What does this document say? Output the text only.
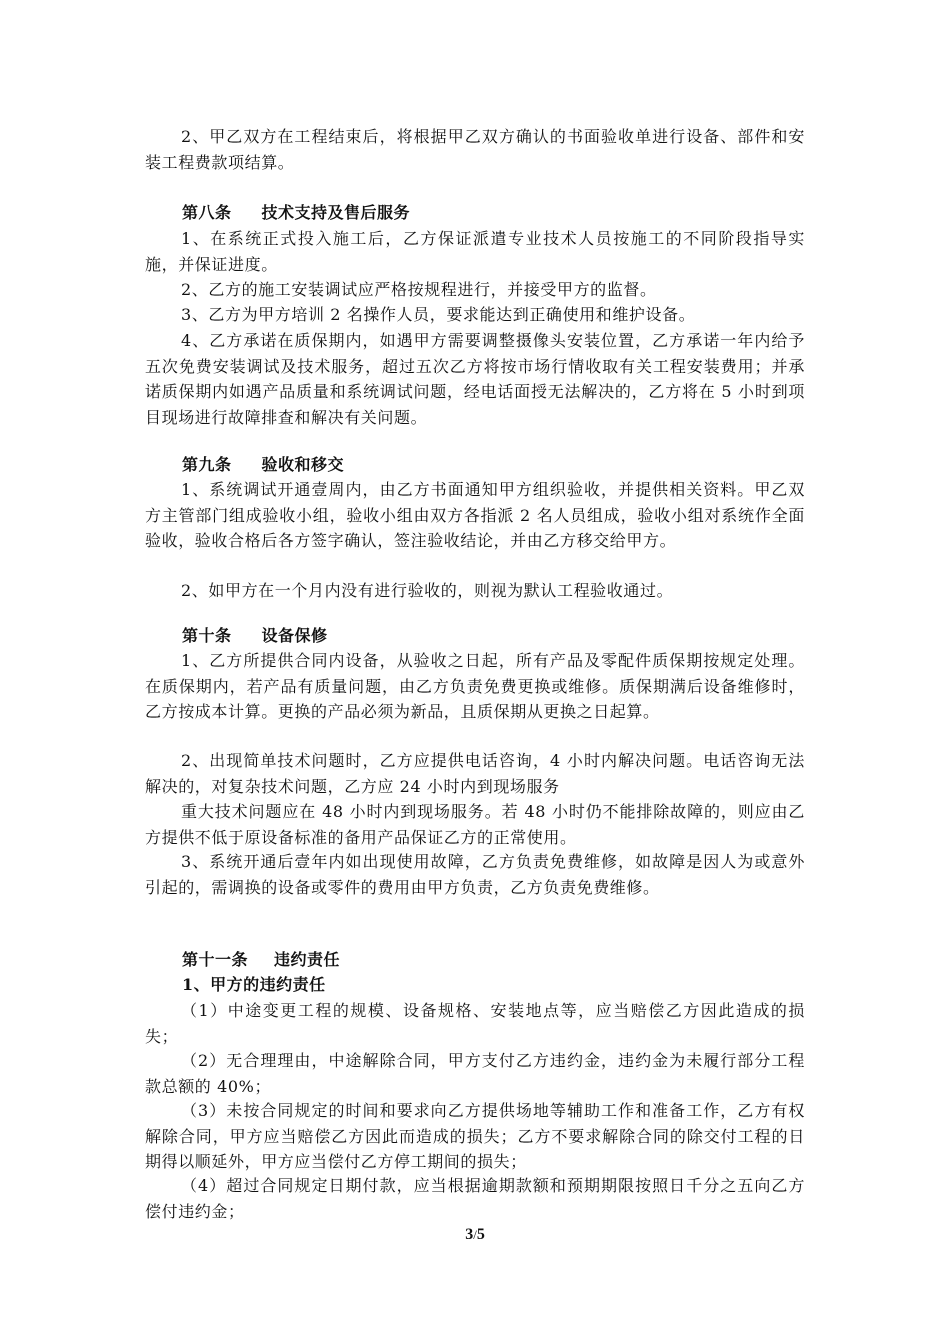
2、甲乙双方在工程结束后，将根据甲乙双方确认的书面验收单进行设备、部件和安装工程费款项结算。

第八条 技术支持及售后服务

1、在系统正式投入施工后，乙方保证派遣专业技术人员按施工的不同阶段指导实施，并保证进度。

2、乙方的施工安装调试应严格按规程进行，并接受甲方的监督。

3、乙方为甲方培训 2 名操作人员，要求能达到正确使用和维护设备。

4、乙方承诺在质保期内，如遇甲方需要调整摄像头安装位置，乙方承诺一年内给予五次免费安装调试及技术服务，超过五次乙方将按市场行情收取有关工程安装费用；并承诺质保期内如遇产品质量和系统调试问题，经电话面授无法解决的，乙方将在 5 小时到项目现场进行故障排查和解决有关问题。

第九条 验收和移交

1、系统调试开通壹周内，由乙方书面通知甲方组织验收，并提供相关资料。甲乙双方主管部门组成验收小组，验收小组由双方各指派 2 名人员组成，验收小组对系统作全面验收，验收合格后各方签字确认，签注验收结论，并由乙方移交给甲方。

2、如甲方在一个月内没有进行验收的，则视为默认工程验收通过。

第十条 设备保修

1、乙方所提供合同内设备，从验收之日起，所有产品及零配件质保期按规定处理。在质保期内，若产品有质量问题，由乙方负责免费更换或维修。质保期满后设备维修时，乙方按成本计算。更换的产品必须为新品，且质保期从更换之日起算。

2、出现简单技术问题时，乙方应提供电话咨询，4 小时内解决问题。电话咨询无法解决的，对复杂技术问题，乙方应 24 小时内到现场服务

重大技术问题应在 48 小时内到现场服务。若 48 小时仍不能排除故障的，则应由乙方提供不低于原设备标准的备用产品保证乙方的正常使用。

3、系统开通后壹年内如出现使用故障，乙方负责免费维修，如故障是因人为或意外引起的，需调换的设备或零件的费用由甲方负责，乙方负责免费维修。

第十一条 违约责任
1、甲方的违约责任

（1）中途变更工程的规模、设备规格、安装地点等，应当赔偿乙方因此造成的损失；

（2）无合理理由，中途解除合同，甲方支付乙方违约金，违约金为未履行部分工程款总额的 40%；

（3）未按合同规定的时间和要求向乙方提供场地等辅助工作和准备工作，乙方有权解除合同，甲方应当赔偿乙方因此而造成的损失；乙方不要求解除合同的除交付工程的日期得以顺延外，甲方应当偿付乙方停工期间的损失；

（4）超过合同规定日期付款，应当根据逾期款额和预期期限按照日千分之五向乙方偿付违约金；

3/5
